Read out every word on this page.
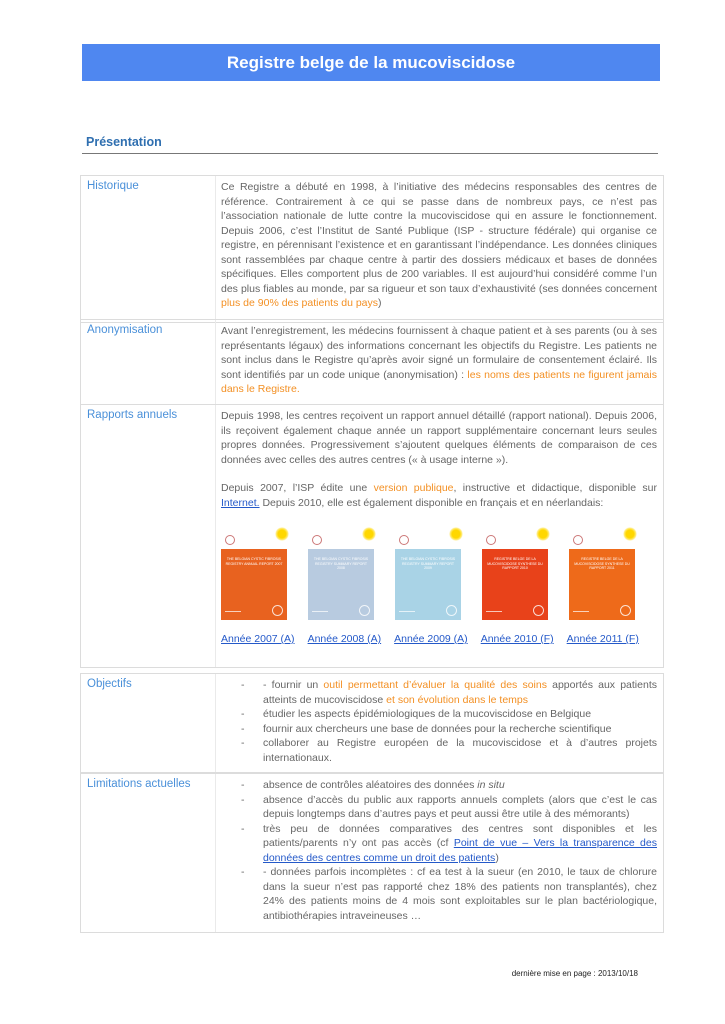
Registre belge de la mucoviscidose
Présentation
Historique	Ce Registre a débuté en 1998, à l’initiative des médecins responsables des centres de référence. Contrairement à ce qui se passe dans de nombreux pays, ce n’est pas l’association nationale de lutte contre la mucoviscidose qui en assure le fonctionnement. Depuis 2006, c’est l’Institut de Santé Publique (ISP - structure fédérale) qui organise ce registre, en pérennisant l’existence et en garantissant l’indépendance. Les données cliniques sont rassemblées par chaque centre à partir des dossiers médicaux et bases de données spécifiques. Elles comportent plus de 200 variables. Il est aujourd’hui considéré comme l’un des plus fiables au monde, par sa rigueur et son taux d’exhaustivité (ses données concernent plus de 90% des patients du pays)
Anonymisation	Avant l’enregistrement, les médecins fournissent à chaque patient et à ses parents (ou à ses représentants légaux) des informations concernant les objectifs du Registre. Les patients ne sont inclus dans le Registre qu’après avoir signé un formulaire de consentement éclairé. Ils sont identifiés par un code unique (anonymisation) : les noms des patients ne figurent jamais dans le Registre.
Rapports annuels	Depuis 1998, les centres reçoivent un rapport annuel détaillé (rapport national). Depuis 2006, ils reçoivent également chaque année un rapport supplémentaire concernant leurs seules propres données. Progressivement s’ajoutent quelques éléments de comparaison de ces données avec celles des autres centres (« à usage interne »).
Depuis 2007, l’ISP édite une version publique, instructive et didactique, disponible sur Internet. Depuis 2010, elle est également disponible en français et en néerlandais:
THE BELGIAN CYSTIC FIBROSIS REGISTRY ANNUAL REPORT 2007
THE BELGIAN CYSTIC FIBROSIS REGISTRY SUMMARY REPORT 2008
THE BELGIAN CYSTIC FIBROSIS REGISTRY SUMMARY REPORT 2009
REGISTRE BELGE DE LA MUCOVISCIDOSE SYNTHESE DU RAPPORT 2010
REGISTRE BELGE DE LA MUCOVISCIDOSE SYNTHESE DU RAPPORT 2011
Année 2007 (A) Année 2008 (A) Année 2009 (A) Année 2010 (F) Année 2011 (F)
Objectifs	- - fournir un outil permettant d’évaluer la qualité des soins apportés aux patients atteints de mucoviscidose et son évolution dans le temps
- étudier les aspects épidémiologiques de la mucoviscidose en Belgique
- fournir aux chercheurs une base de données pour la recherche scientifique
- collaborer au Registre européen de la mucoviscidose et à d’autres projets internationaux.
Limitations actuelles	- absence de contrôles aléatoires des données in situ
- absence d’accès du public aux rapports annuels complets (alors que c’est le cas depuis longtemps dans d’autres pays et peut aussi être utile à des mémorants)
- très peu de données comparatives des centres sont disponibles et les patients/parents n’y ont pas accès (cf Point de vue – Vers la transparence des données des centres comme un droit des patients)
- - données parfois incomplètes : cf ea test à la sueur (en 2010, le taux de chlorure dans la sueur n’est pas rapporté chez 18% des patients non transplantés), chez 24% des patients moins de 4 mois sont exploitables sur le plan bactériologique, antibiothérapies intraveineuses …
dernière mise en page : 2013/10/18
